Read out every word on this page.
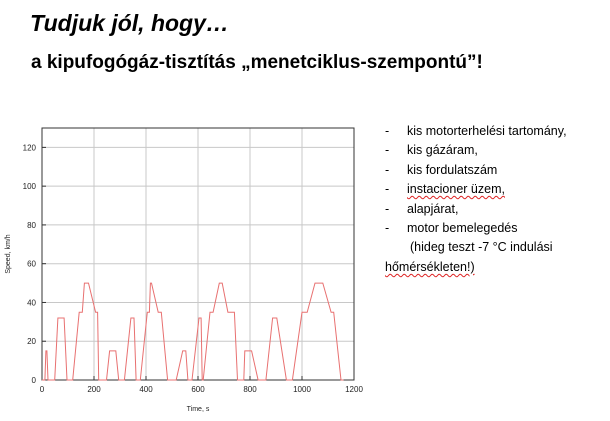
Tudjuk jól, hogy…
a kipufogógáz-tisztítás „menetciklus-szempontú”!
-	kis motorterhelési tartomány,
-	kis gázáram,
-	kis fordulatszám
-	instacioner üzem,
-	alapjárat,
-	motor bemelegedés
(hideg teszt -7 °C indulási
hőmérsékleten!)
0	200	400	600	800	1000	1200
0
20
40
60
80
100
120
Time, s
Speed, km/h
